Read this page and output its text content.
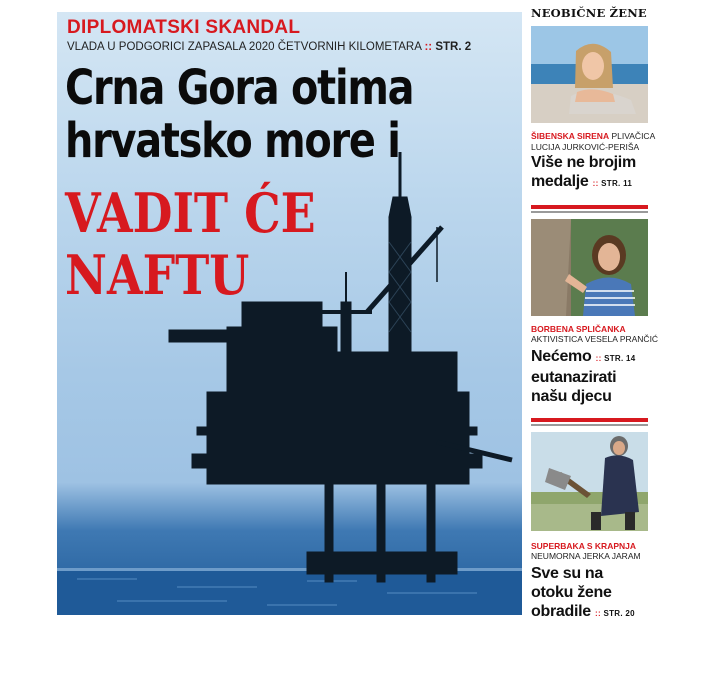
DIPLOMATSKI SKANDAL
VLADA U PODGORICI ZAPASALA 2020 ČETVORNIH KILOMETARA :: STR. 2
Crna Gora otima
hrvatsko more i
VADIT ĆE
NAFTU
NEOBIČNE ŽENE
ŠIBENSKA SIRENA PLIVAČICA
LUCIJA JURKOVIĆ-PERIŠA
Više ne brojim
medalje :: STR. 11
BORBENA SPLIČANKA
AKTIVISTICA VESELA PRANČIĆ
Nećemo :: STR. 14
eutanazirati
našu djecu
SUPERBAKA S KRAPNJA
NEUMORNA JERKA JARAM
Sve su na
otoku žene
obradile :: STR. 20
